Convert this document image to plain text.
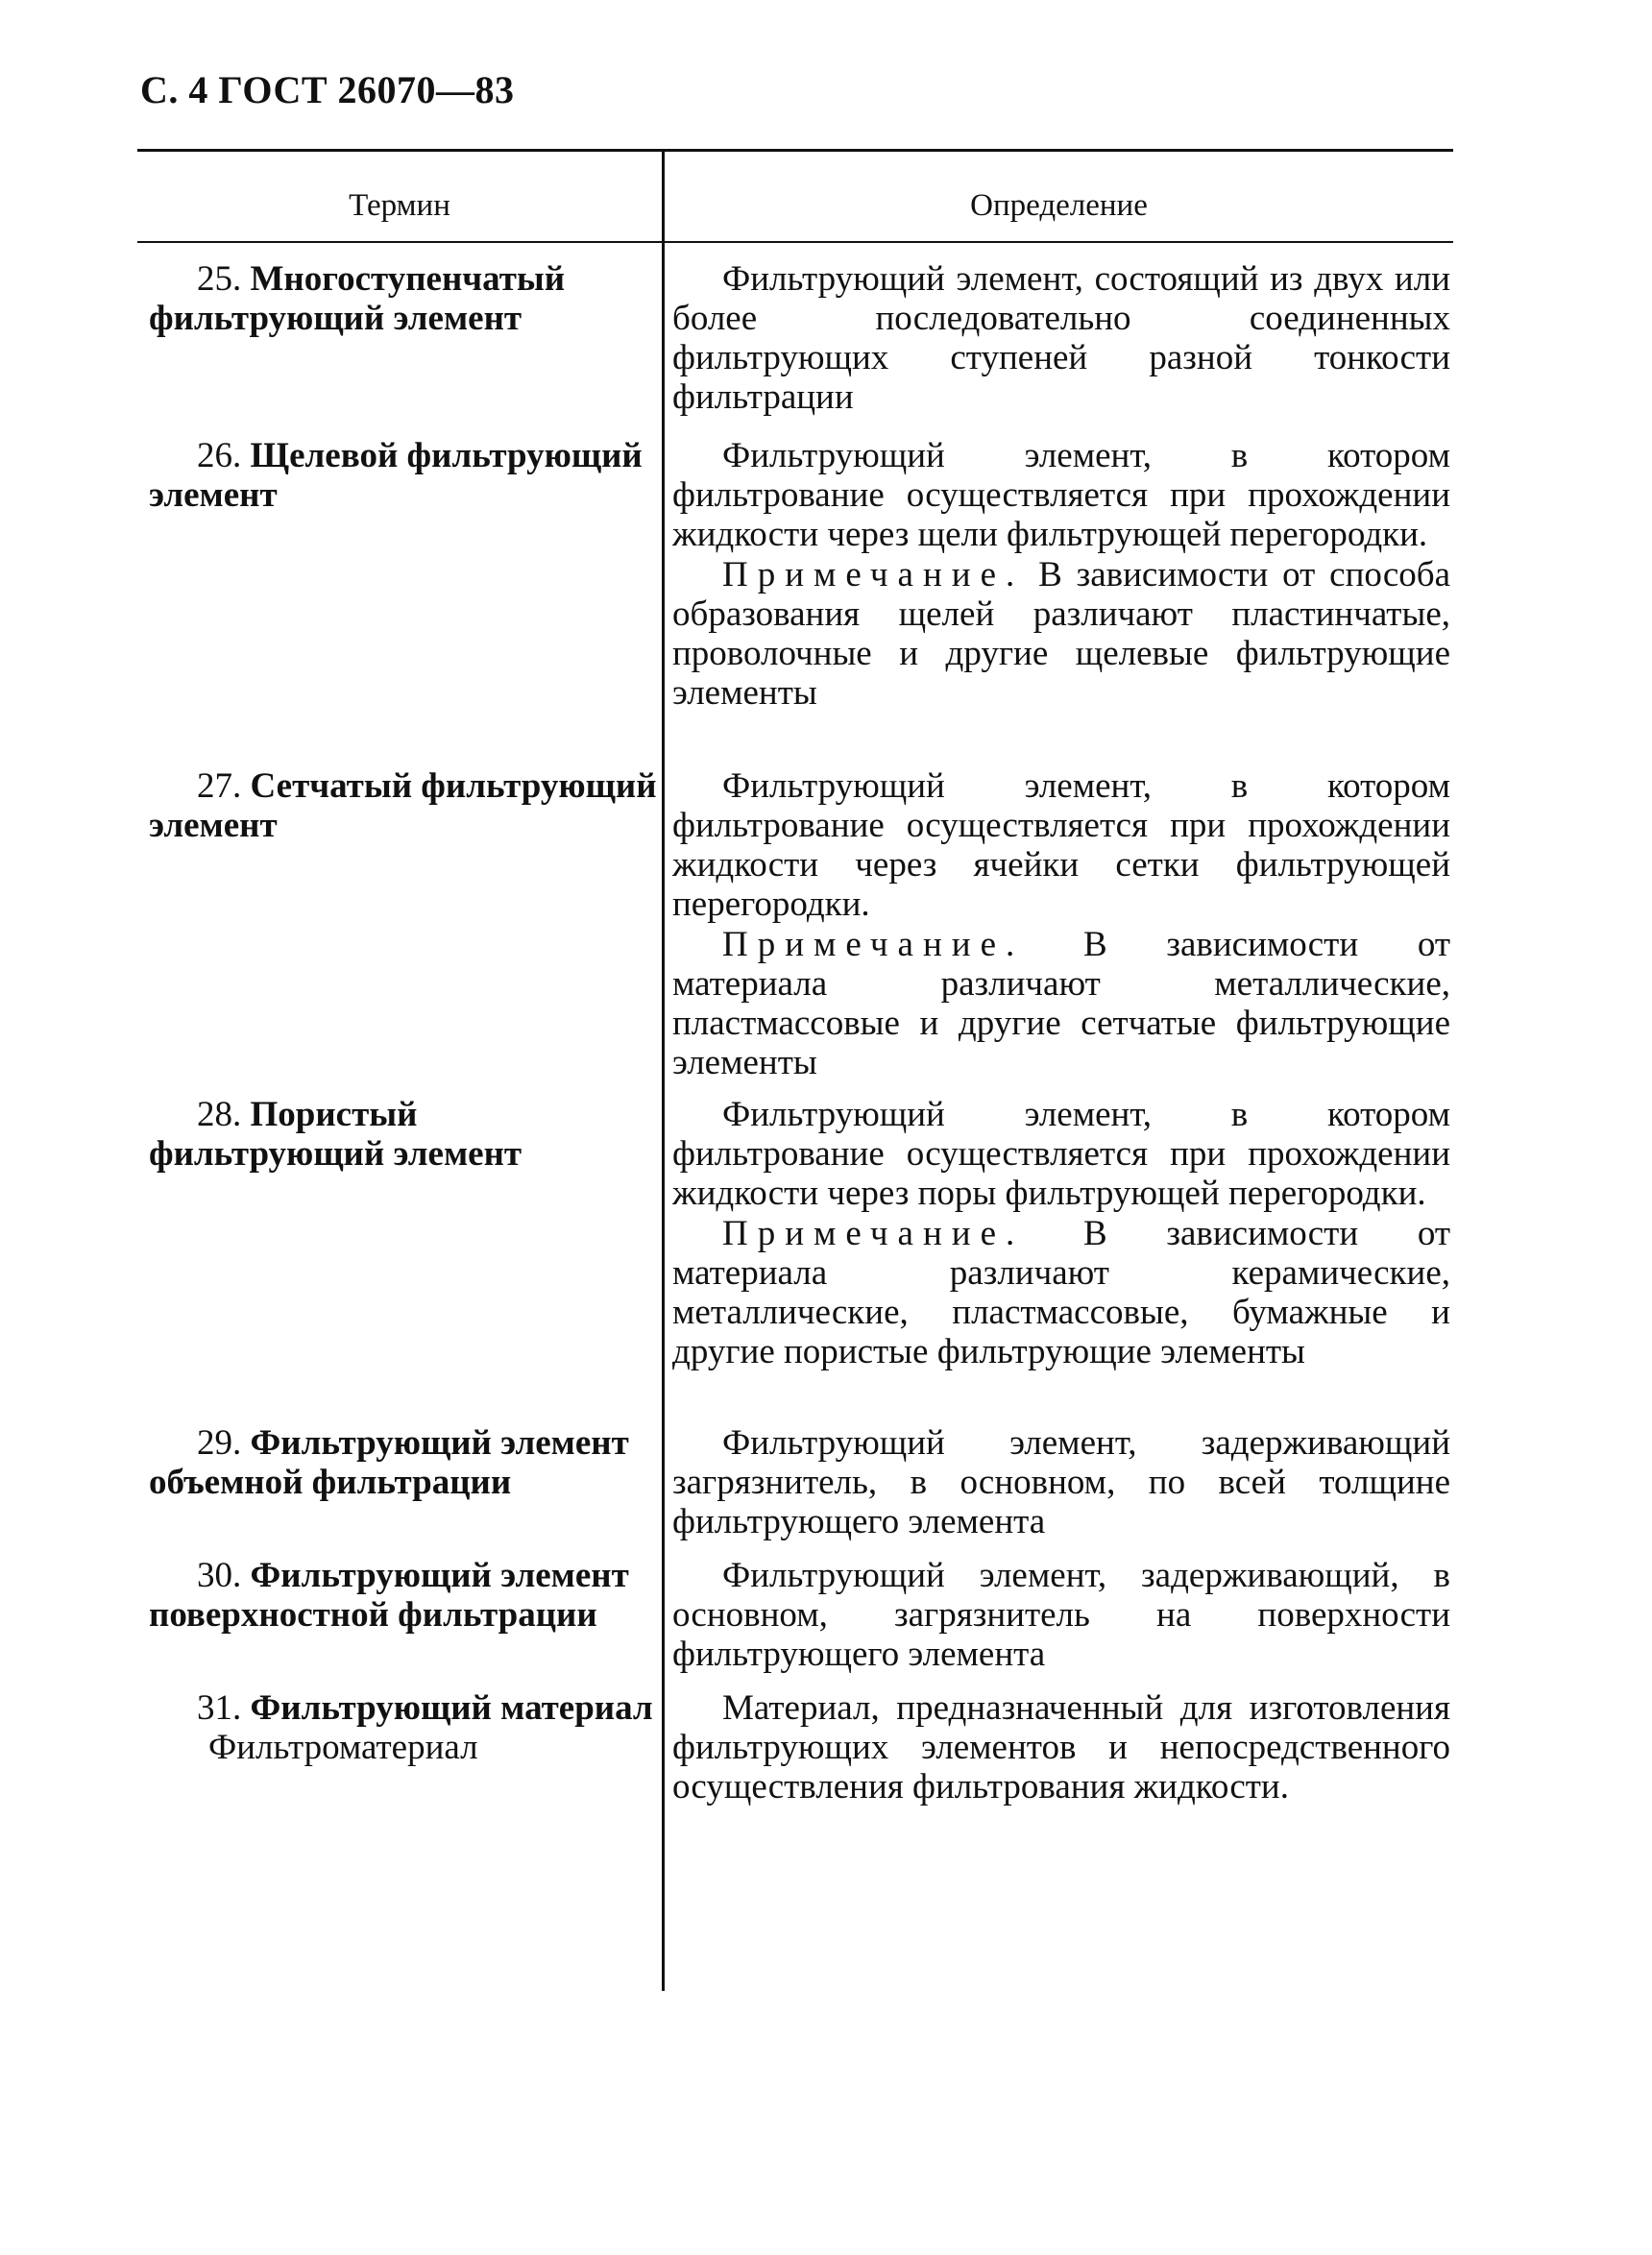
С. 4 ГОСТ 26070—83
Термин	Определение
25. Многоступенчатый фильтрующий элемент

Фильтрующий элемент, состоящий из двух или более последовательно соединенных фильтрующих ступеней разной тонкости фильтрации

26. Щелевой фильтрующий элемент

Фильтрующий элемент, в котором фильтрование осуществляется при прохождении жидкости через щели фильтрующей перегородки.

Примечание. В зависимости от способа образования щелей различают пластинчатые, проволочные и другие щелевые фильтрующие элементы

27. Сетчатый фильтрующий элемент

Фильтрующий элемент, в котором фильтрование осуществляется при прохождении жидкости через ячейки сетки фильтрующей перегородки.

Примечание. В зависимости от материала различают металлические, пластмассовые и другие сетчатые фильтрующие элементы

28. Пористый фильтрующий элемент

Фильтрующий элемент, в котором фильтрование осуществляется при прохождении жидкости через поры фильтрующей перегородки.

Примечание. В зависимости от материала различают керамические, металлические, пластмассовые, бумажные и другие пористые фильтрующие элементы

29. Фильтрующий элемент объемной фильтрации

Фильтрующий элемент, задерживающий загрязнитель, в основном, по всей толщине фильтрующего элемента

30. Фильтрующий элемент поверхностной фильтрации

Фильтрующий элемент, задерживающий, в основном, загрязнитель на поверхности фильтрующего элемента

31. Фильтрующий материал
Фильтроматериал

Материал, предназначенный для изготовления фильтрующих элементов и непосредственного осуществления фильтрования жидкости.
